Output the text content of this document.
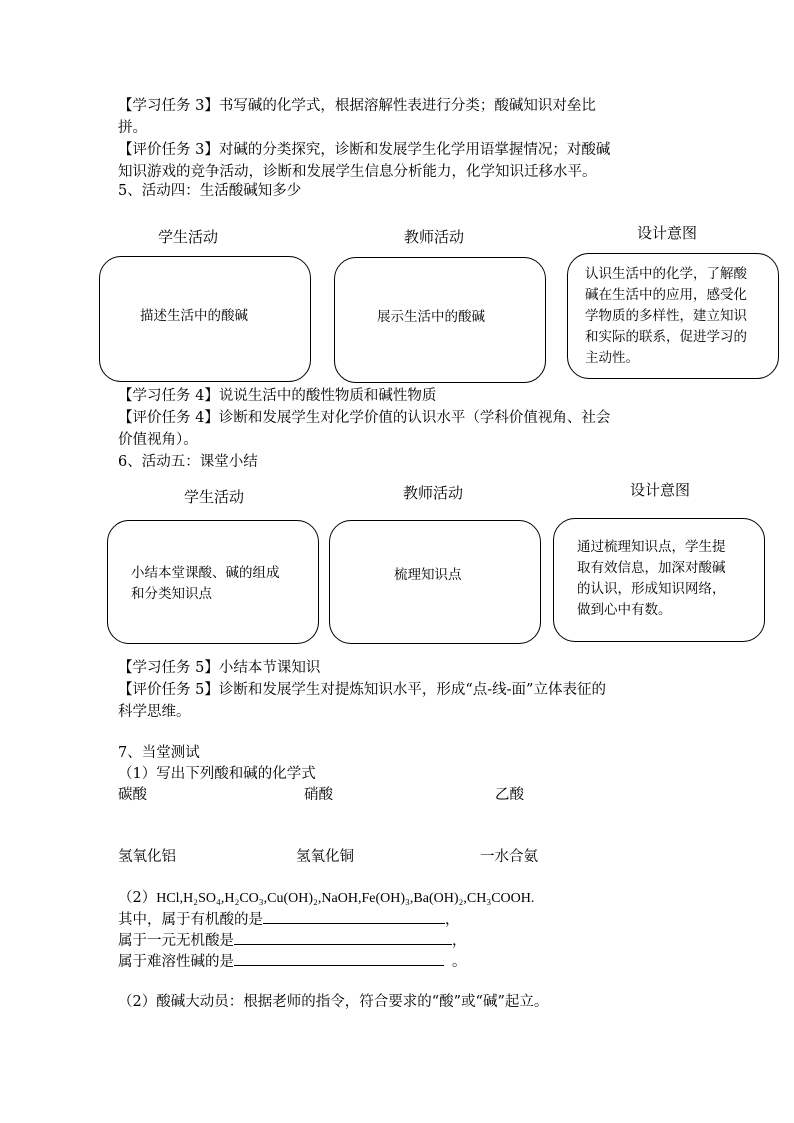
【学习任务 3】书写碱的化学式，根据溶解性表进行分类；酸碱知识对垒比
拼。
【评价任务 3】对碱的分类探究，诊断和发展学生化学用语掌握情况；对酸碱
知识游戏的竞争活动，诊断和发展学生信息分析能力，化学知识迁移水平。
5、活动四：生活酸碱知多少
学生活动	教师活动	设计意图
描述生活中的酸碱	展示生活中的酸碱
认识生活中的化学，了解酸
碱在生活中的应用，感受化
学物质的多样性，建立知识
和实际的联系，促进学习的
主动性。
【学习任务 4】说说生活中的酸性物质和碱性物质
【评价任务 4】诊断和发展学生对化学价值的认识水平（学科价值视角、社会
价值视角）。
6、活动五：课堂小结
学生活动	教师活动	设计意图
小结本堂课酸、碱的组成
和分类知识点
梳理知识点
通过梳理知识点，学生提
取有效信息，加深对酸碱
的认识，形成知识网络，
做到心中有数。
【学习任务 5】小结本节课知识
【评价任务 5】诊断和发展学生对提炼知识水平，形成“点-线-面”立体表征的
科学思维。
7、当堂测试
（1）写出下列酸和碱的化学式
碳酸	硝酸	乙酸
氢氧化铝	氢氧化铜	一水合氨
（2）HCl,H₂SO₄,H₂CO₃,Cu(OH)₂,NaOH,Fe(OH)₃,Ba(OH)₂,CH₃COOH.
其中，属于有机酸的是	，
属于一元无机酸是	，
属于难溶性碱的是	。
（2）酸碱大动员：根据老师的指令，符合要求的“酸”或“碱”起立。
